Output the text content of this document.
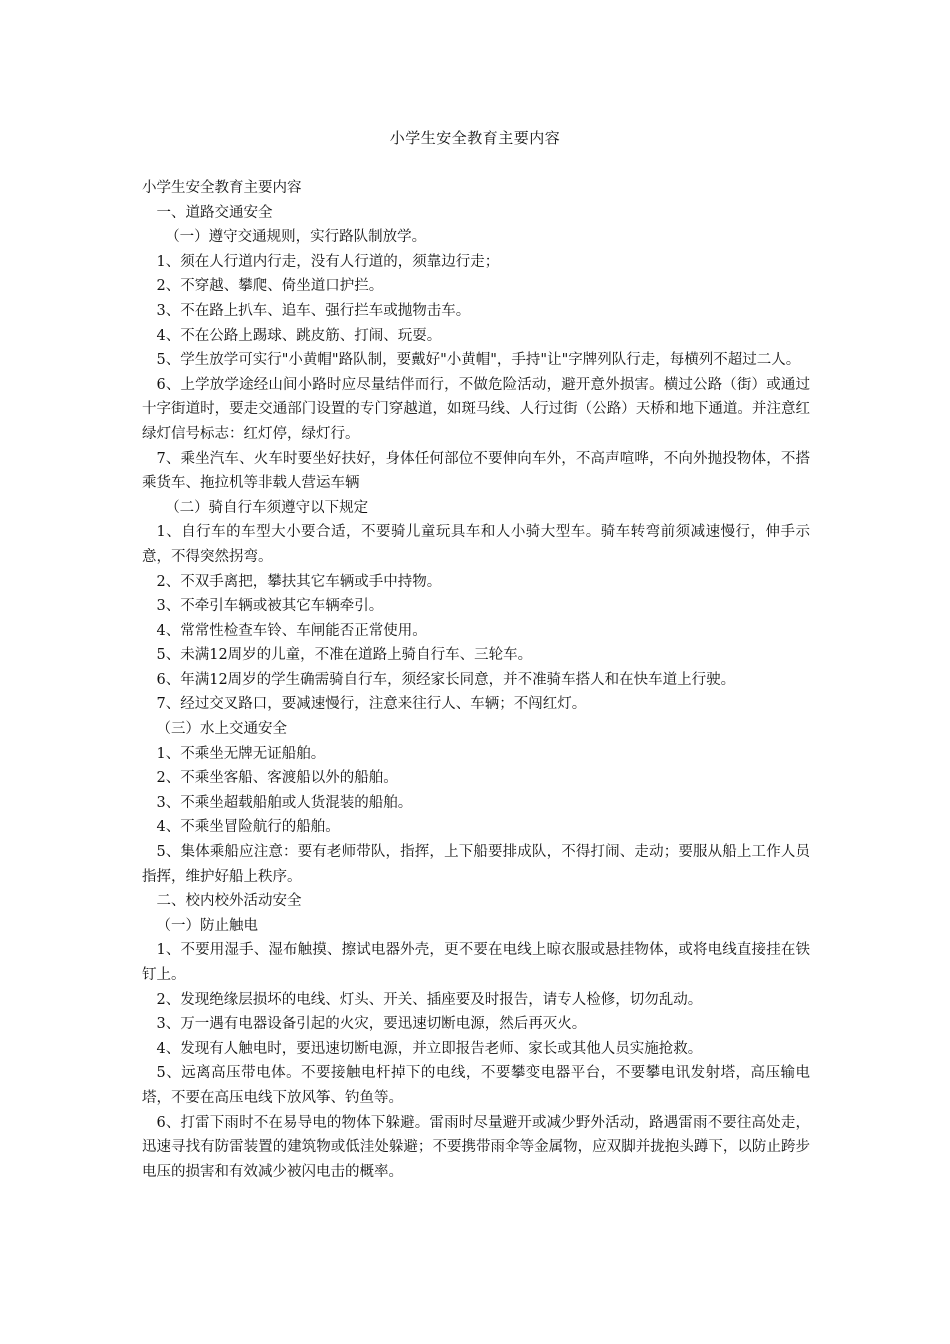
小学生安全教育主要内容

小学生安全教育主要内容

一、道路交通安全

（一）遵守交通规则，实行路队制放学。

1、须在人行道内行走，没有人行道的，须靠边行走；

2、不穿越、攀爬、倚坐道口护拦。

3、不在路上扒车、追车、强行拦车或抛物击车。

4、不在公路上踢球、跳皮筋、打闹、玩耍。

5、学生放学可实行"小黄帽"路队制，要戴好"小黄帽"，手持"让"字牌列队行走，每横列不超过二人。

6、上学放学途经山间小路时应尽量结伴而行，不做危险活动，避开意外损害。横过公路（街）或通过十字街道时，要走交通部门设置的专门穿越道，如斑马线、人行过街（公路）天桥和地下通道。并注意红绿灯信号标志：红灯停，绿灯行。

7、乘坐汽车、火车时要坐好扶好，身体任何部位不要伸向车外，不高声喧哗，不向外抛投物体，不搭乘货车、拖拉机等非载人营运车辆

（二）骑自行车须遵守以下规定

1、自行车的车型大小要合适，不要骑儿童玩具车和人小骑大型车。骑车转弯前须减速慢行，伸手示意，不得突然拐弯。

2、不双手离把，攀扶其它车辆或手中持物。

3、不牵引车辆或被其它车辆牵引。

4、常常性检查车铃、车闸能否正常使用。

5、未满12周岁的儿童，不准在道路上骑自行车、三轮车。

6、年满12周岁的学生确需骑自行车，须经家长同意，并不准骑车搭人和在快车道上行驶。

7、经过交叉路口，要减速慢行，注意来往行人、车辆；不闯红灯。

（三）水上交通安全

1、不乘坐无牌无证船舶。

2、不乘坐客船、客渡船以外的船舶。

3、不乘坐超载船舶或人货混装的船舶。

4、不乘坐冒险航行的船舶。

5、集体乘船应注意：要有老师带队，指挥，上下船要排成队，不得打闹、走动；要服从船上工作人员指挥，维护好船上秩序。

二、校内校外活动安全

（一）防止触电

1、不要用湿手、湿布触摸、擦试电器外壳，更不要在电线上晾衣服或悬挂物体，或将电线直接挂在铁钉上。

2、发现绝缘层损坏的电线、灯头、开关、插座要及时报告，请专人检修，切勿乱动。

3、万一遇有电器设备引起的火灾，要迅速切断电源，然后再灭火。

4、发现有人触电时，要迅速切断电源，并立即报告老师、家长或其他人员实施抢救。

5、远离高压带电体。不要接触电杆掉下的电线，不要攀变电器平台，不要攀电讯发射塔，高压输电塔，不要在高压电线下放风筝、钓鱼等。

6、打雷下雨时不在易导电的物体下躲避。雷雨时尽量避开或减少野外活动，路遇雷雨不要往高处走，迅速寻找有防雷装置的建筑物或低洼处躲避；不要携带雨伞等金属物，应双脚并拢抱头蹲下，以防止跨步电压的损害和有效减少被闪电击的概率。
